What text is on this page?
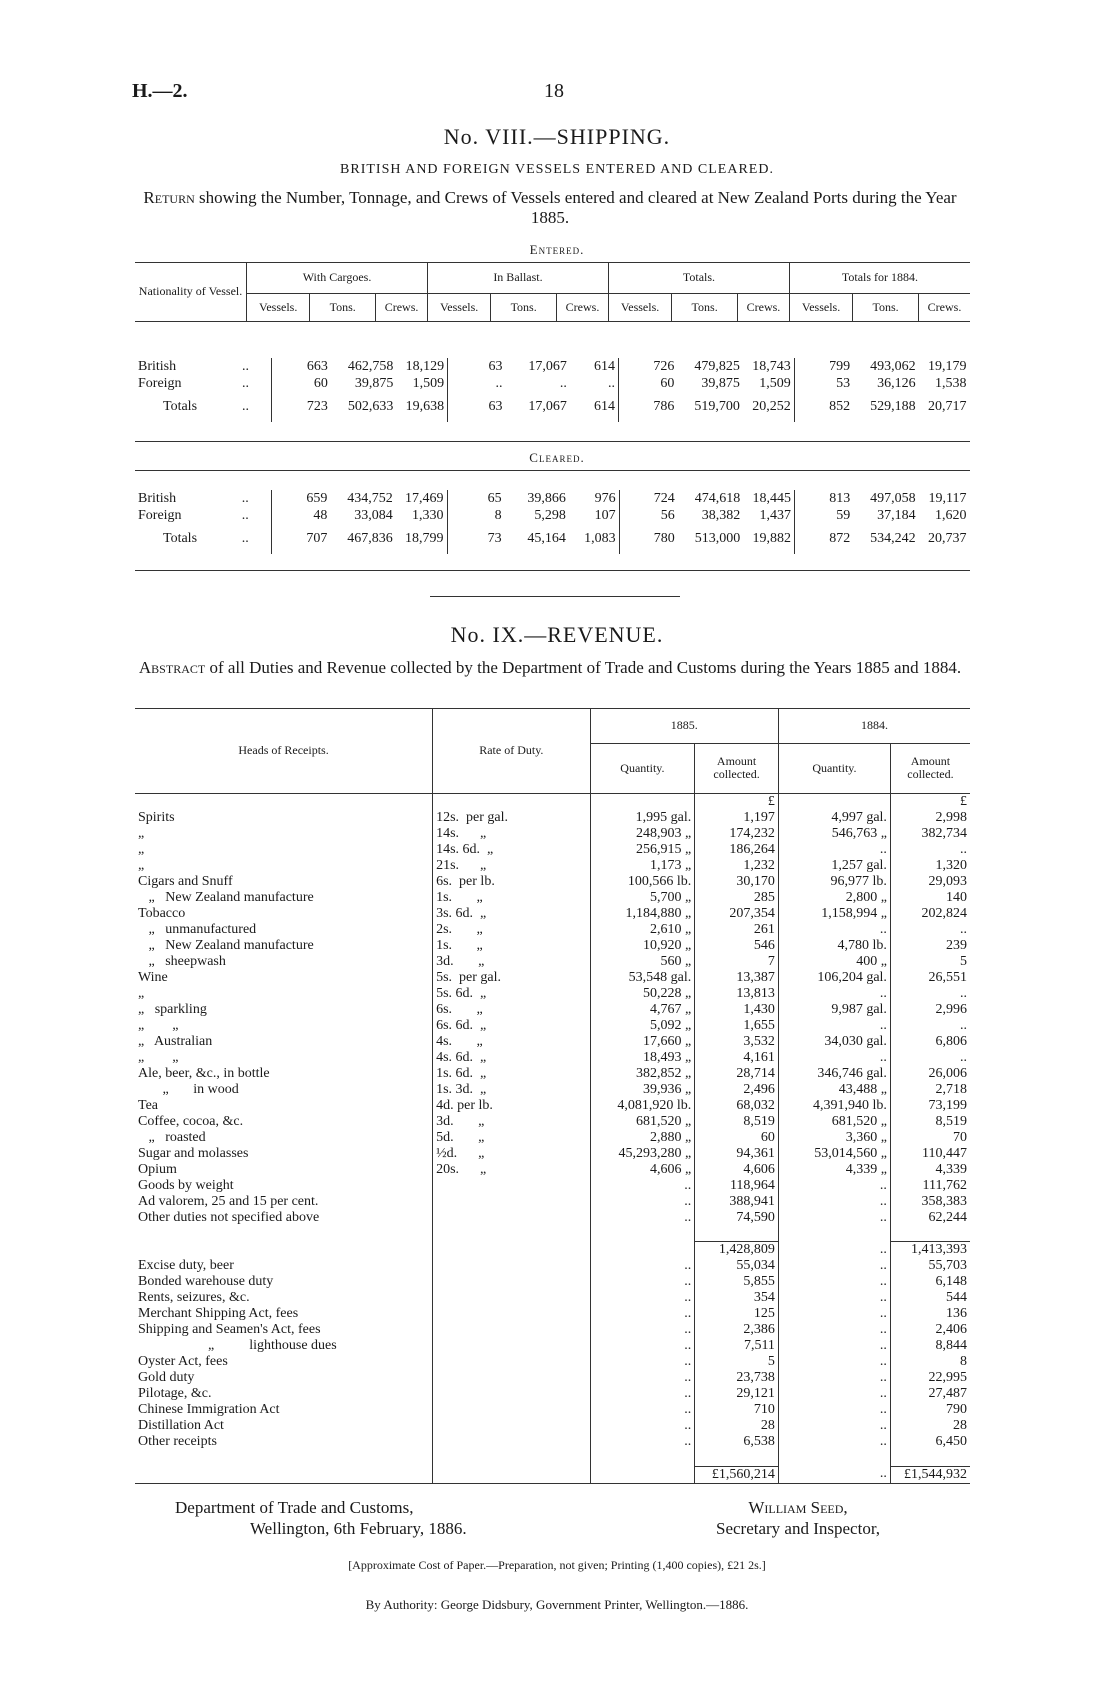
H.—2.	18
No. VIII.—SHIPPING.
BRITISH AND FOREIGN VESSELS ENTERED AND CLEARED.
Return showing the Number, Tonnage, and Crews of Vessels entered and cleared at New Zealand Ports during the Year 1885.
Entered.
Nationality of Vessel.	With Cargoes.			In Ballast.			Totals.			Totals for 1884.		
	Vessels.	Tons.	Crews.	Vessels.	Tons.	Crews.	Vessels.	Tons.	Crews.	Vessels.	Tons.	Crews.
British	..	663	462,758	18,129	63	17,067	614	726	479,825	18,743	799	493,062	19,179
Foreign	..	60	39,875	1,509	..	..	..	60	39,875	1,509	53	36,126	1,538
Totals	..	723	502,633	19,638	63	17,067	614	786	519,700	20,252	852	529,188	20,717
Cleared.
British	..	659	434,752	17,469	65	39,866	976	724	474,618	18,445	813	497,058	19,117
Foreign	..	48	33,084	1,330	8	5,298	107	56	38,382	1,437	59	37,184	1,620
Totals	..	707	467,836	18,799	73	45,164	1,083	780	513,000	19,882	872	534,242	20,737
No. IX.—REVENUE.
Abstract of all Duties and Revenue collected by the Department of Trade and Customs during the Years 1885 and 1884.
Heads of Receipts.	Rate of Duty.	1885.		1884.	
		Quantity.	Amount collected.	Quantity.	Amount collected.
			£		£
Spirits	12s.  per gal.	1,995 gal.	1,197	4,997 gal.	2,998
„	14s.      „	248,903 „	174,232	546,763 „	382,734
„	14s. 6d.  „	256,915 „	186,264	..	..
„	21s.      „	1,173 „	1,232	1,257 gal.	1,320
Cigars and Snuff	6s.  per lb.	100,566 lb.	30,170	96,977 lb.	29,093
„   New Zealand manufacture	1s.       „	5,700 „	285	2,800 „	140
Tobacco	3s. 6d.  „	1,184,880 „	207,354	1,158,994 „	202,824
„   unmanufactured	2s.       „	2,610 „	261	..	..
„   New Zealand manufacture	1s.       „	10,920 „	546	4,780 lb.	239
„   sheepwash	3d.       „	560 „	7	400 „	5
Wine	5s.  per gal.	53,548 gal.	13,387	106,204 gal.	26,551
„	5s. 6d.  „	50,228 „	13,813	..	..
„   sparkling	6s.       „	4,767 „	1,430	9,987 gal.	2,996
„        „	6s. 6d.  „	5,092 „	1,655	..	..
„   Australian	4s.       „	17,660 „	3,532	34,030 gal.	6,806
„        „	4s. 6d.  „	18,493 „	4,161	..	..
Ale, beer, &c., in bottle	1s. 6d.  „	382,852 „	28,714	346,746 gal.	26,006
„       in wood	1s. 3d.  „	39,936 „	2,496	43,488 „	2,718
Tea	4d. per lb.	4,081,920 lb.	68,032	4,391,940 lb.	73,199
Coffee, cocoa, &c.	3d.       „	681,520 „	8,519	681,520 „	8,519
„   roasted	5d.       „	2,880 „	60	3,360 „	70
Sugar and molasses	½d.      „	45,293,280 „	94,361	53,014,560 „	110,447
Opium	20s.      „	4,606 „	4,606	4,339 „	4,339
Goods by weight		..	118,964	..	111,762
Ad valorem, 25 and 15 per cent.		..	388,941	..	358,383
Other duties not specified above		..	74,590	..	62,244

			1,428,809	..	1,413,393
Excise duty, beer		..	55,034	..	55,703
Bonded warehouse duty		..	5,855	..	6,148
Rents, seizures, &c.		..	354	..	544
Merchant Shipping Act, fees		..	125	..	136
Shipping and Seamen's Act, fees		..	2,386	..	2,406
„          lighthouse dues		..	7,511	..	8,844
Oyster Act, fees		..	5	..	8
Gold duty		..	23,738	..	22,995
Pilotage, &c.		..	29,121	..	27,487
Chinese Immigration Act		..	710	..	790
Distillation Act		..	28	..	28
Other receipts		..	6,538	..	6,450

			£1,560,214	..	£1,544,932
Department of Trade and Customs,
Wellington, 6th February, 1886.
William Seed,
Secretary and Inspector,
[Approximate Cost of Paper.—Preparation, not given; Printing (1,400 copies), £21 2s.]
By Authority: George Didsbury, Government Printer, Wellington.—1886.
